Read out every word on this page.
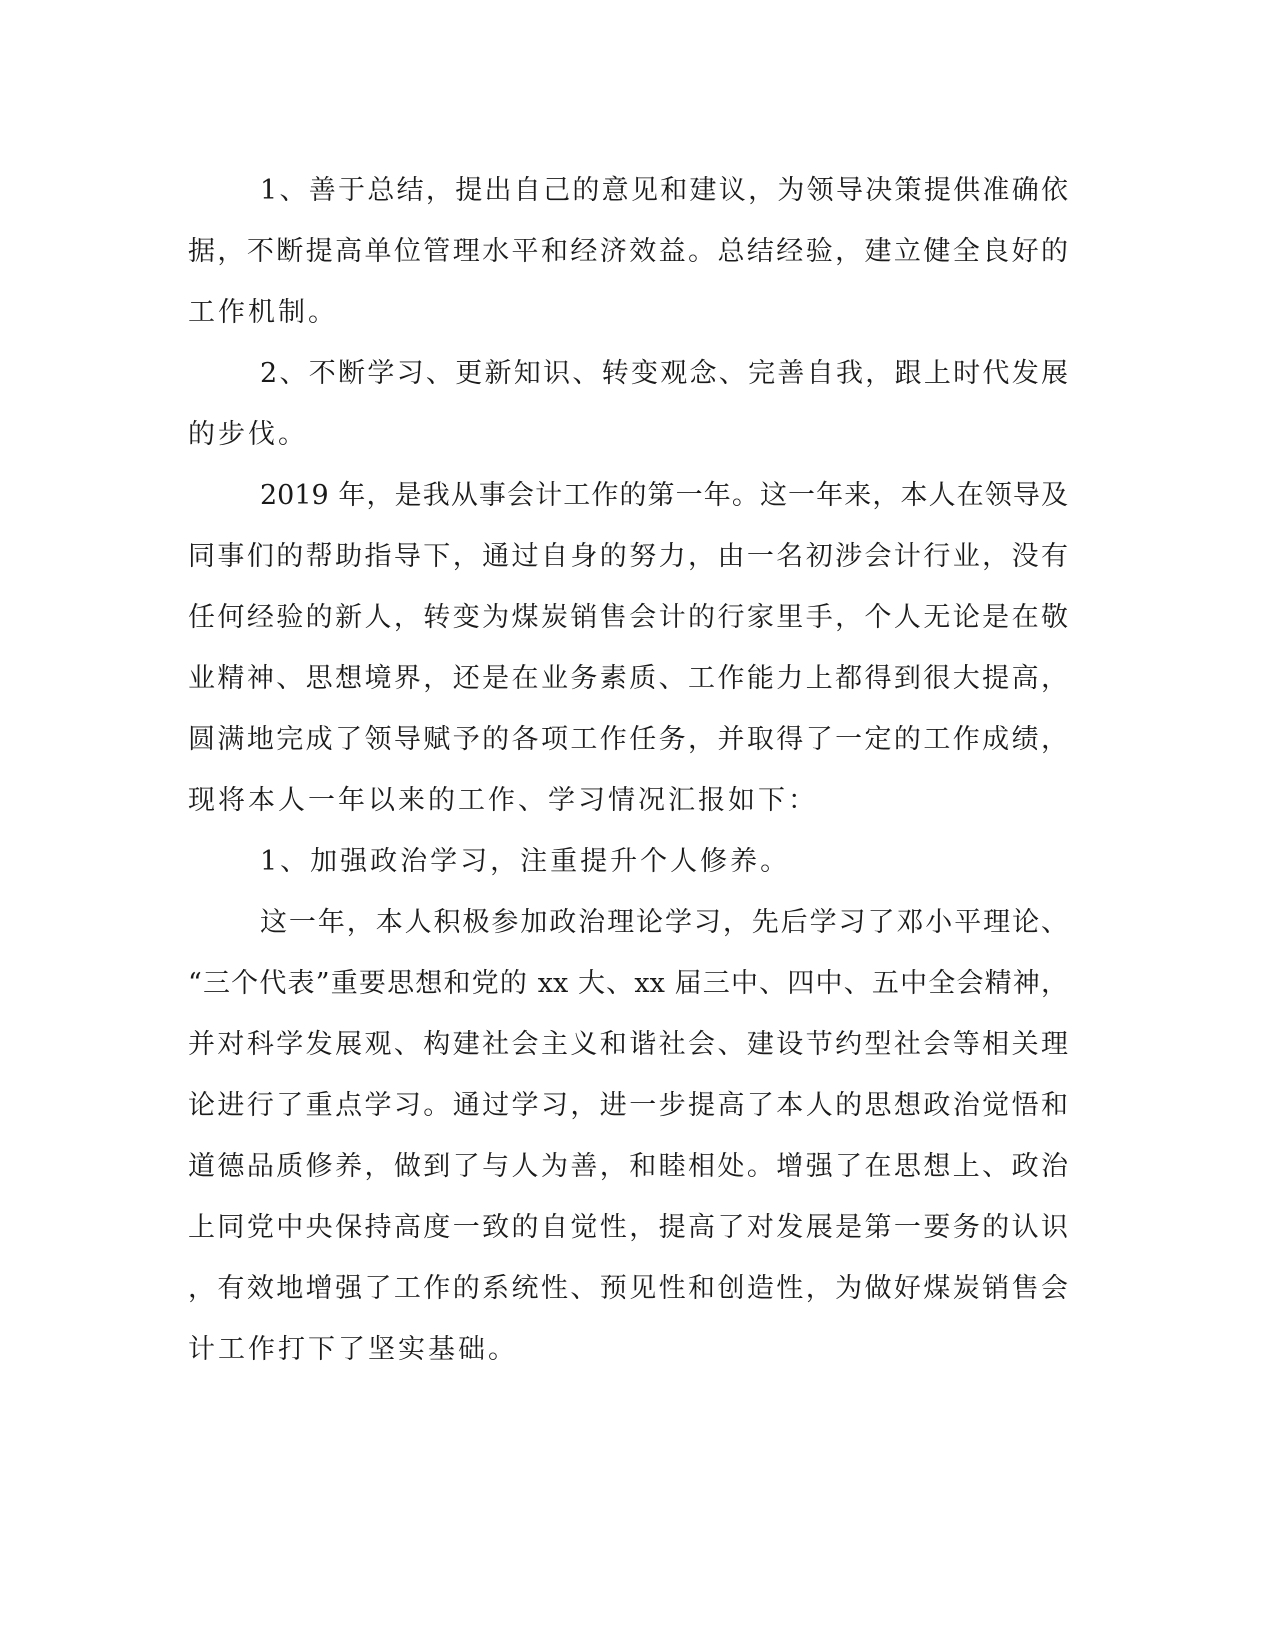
1、善于总结，提出自己的意见和建议，为领导决策提供准确依
据，不断提高单位管理水平和经济效益。总结经验，建立健全良好的
工作机制。
2、不断学习、更新知识、转变观念、完善自我，跟上时代发展
的步伐。
2019 年，是我从事会计工作的第一年。这一年来，本人在领导及
同事们的帮助指导下，通过自身的努力，由一名初涉会计行业，没有
任何经验的新人，转变为煤炭销售会计的行家里手，个人无论是在敬
业精神、思想境界，还是在业务素质、工作能力上都得到很大提高，
圆满地完成了领导赋予的各项工作任务，并取得了一定的工作成绩，
现将本人一年以来的工作、学习情况汇报如下：
1、加强政治学习，注重提升个人修养。
这一年，本人积极参加政治理论学习，先后学习了邓小平理论、
“三个代表”重要思想和党的 xx 大、xx 届三中、四中、五中全会精神，
并对科学发展观、构建社会主义和谐社会、建设节约型社会等相关理
论进行了重点学习。通过学习，进一步提高了本人的思想政治觉悟和
道德品质修养，做到了与人为善，和睦相处。增强了在思想上、政治
上同党中央保持高度一致的自觉性，提高了对发展是第一要务的认识
，有效地增强了工作的系统性、预见性和创造性，为做好煤炭销售会
计工作打下了坚实基础。
